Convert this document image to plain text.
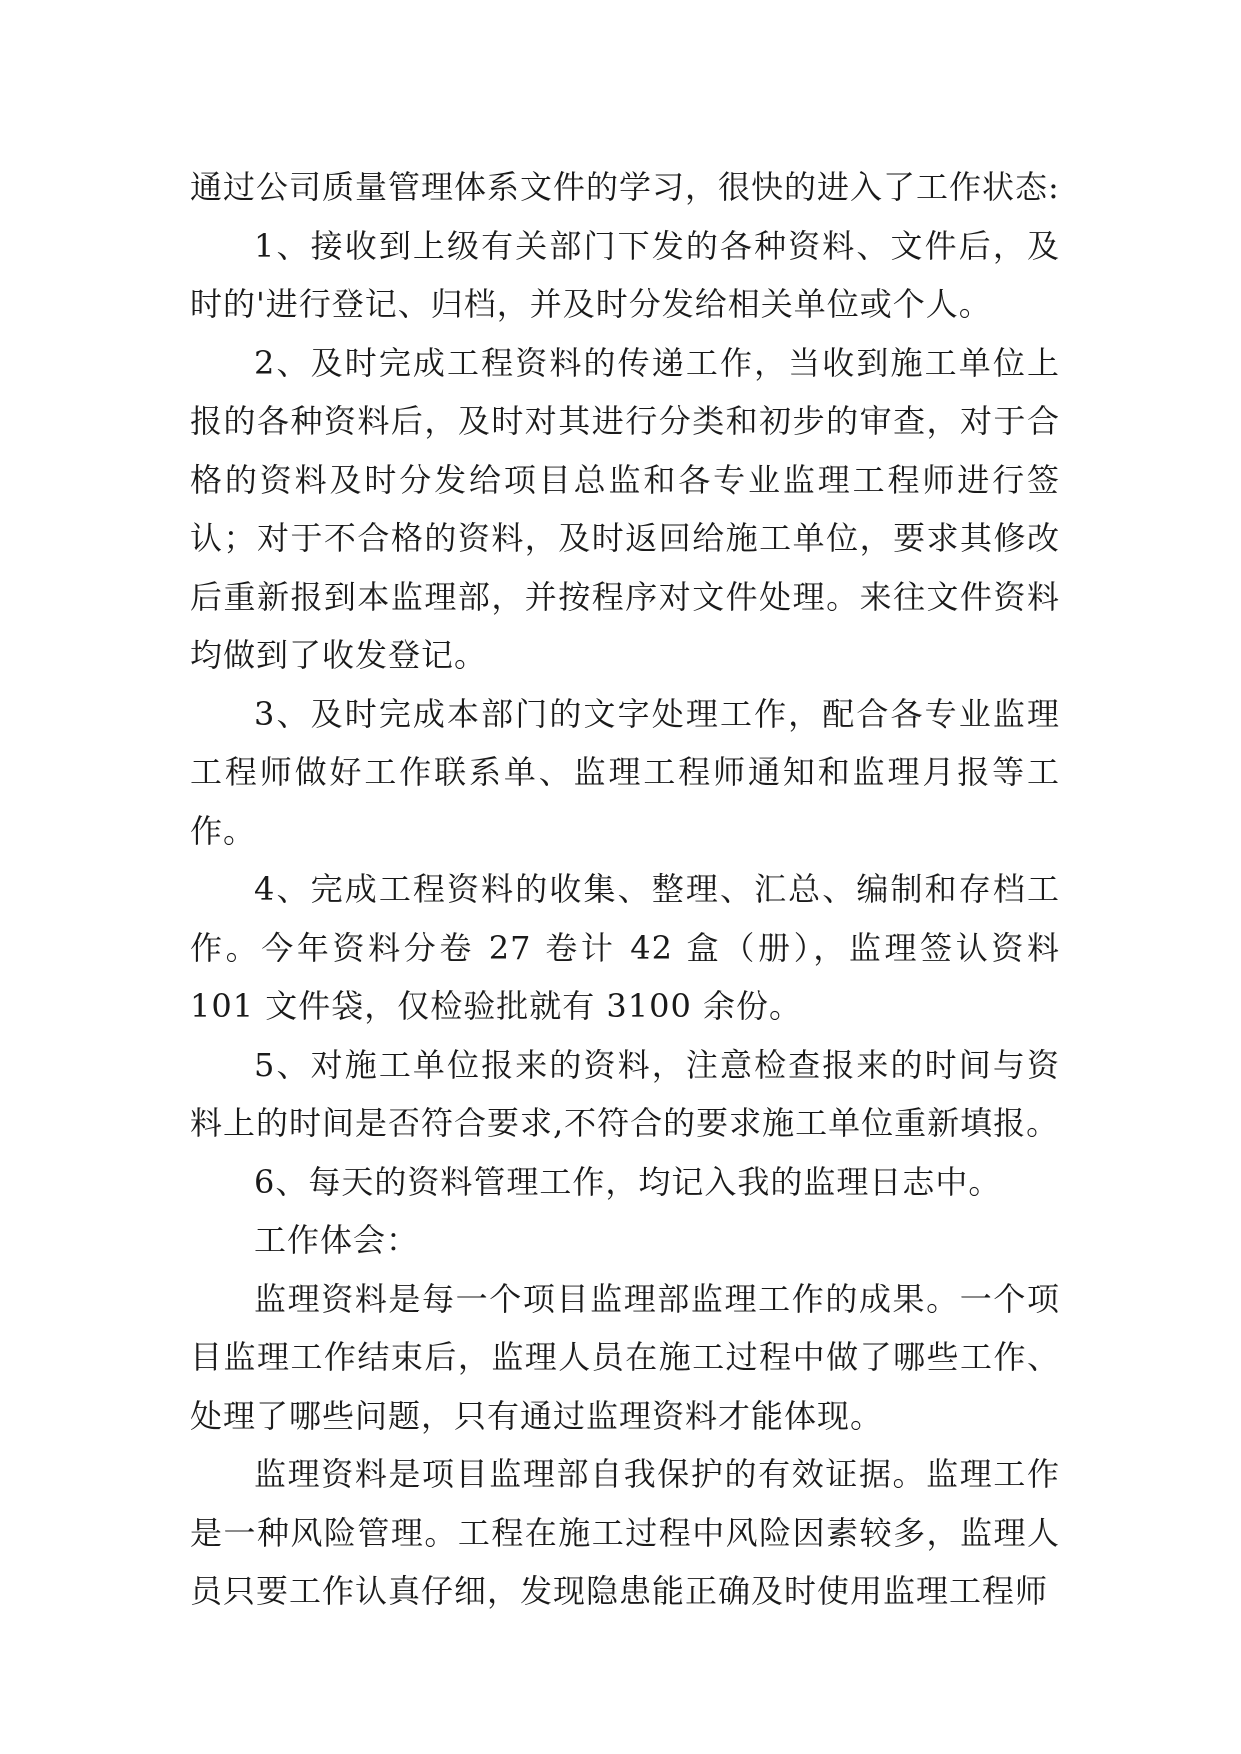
通过公司质量管理体系文件的学习，很快的进入了工作状态:

1、接收到上级有关部门下发的各种资料、文件后，及时的'进行登记、归档，并及时分发给相关单位或个人。

2、及时完成工程资料的传递工作，当收到施工单位上报的各种资料后，及时对其进行分类和初步的审查，对于合格的资料及时分发给项目总监和各专业监理工程师进行签认；对于不合格的资料，及时返回给施工单位，要求其修改后重新报到本监理部，并按程序对文件处理。来往文件资料均做到了收发登记。

3、及时完成本部门的文字处理工作，配合各专业监理工程师做好工作联系单、监理工程师通知和监理月报等工作。

4、完成工程资料的收集、整理、汇总、编制和存档工作。今年资料分卷 27 卷计 42 盒（册），监理签认资料 101 文件袋，仅检验批就有 3100 余份。

5、对施工单位报来的资料，注意检查报来的时间与资料上的时间是否符合要求,不符合的要求施工单位重新填报。

6、每天的资料管理工作，均记入我的监理日志中。

工作体会：

监理资料是每一个项目监理部监理工作的成果。一个项目监理工作结束后，监理人员在施工过程中做了哪些工作、处理了哪些问题，只有通过监理资料才能体现。

监理资料是项目监理部自我保护的有效证据。监理工作是一种风险管理。工程在施工过程中风险因素较多，监理人员只要工作认真仔细，发现隐患能正确及时使用监理工程师
